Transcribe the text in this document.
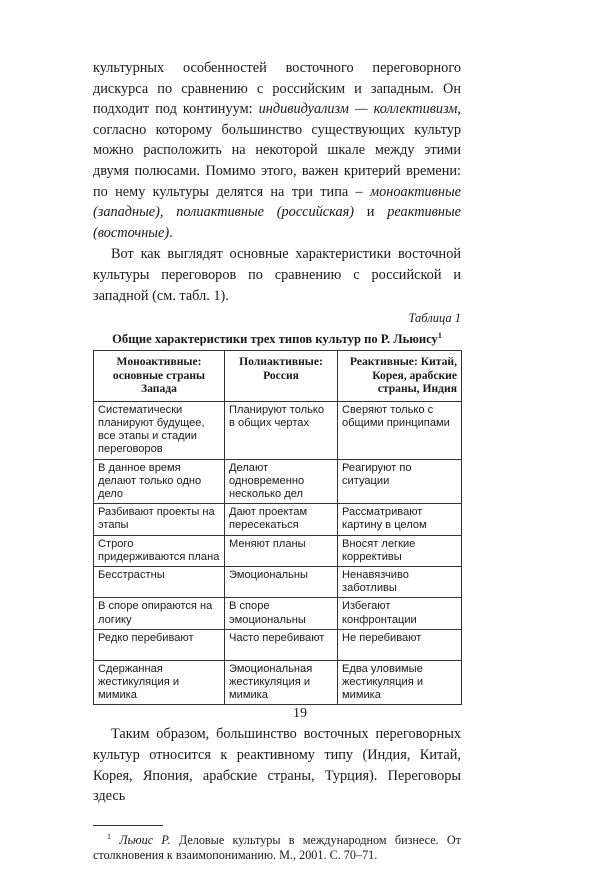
культурных особенностей восточного переговорного дискурса по сравнению с российским и западным. Он подходит под континуум: индивидуализм — коллективизм, согласно которому большинство существующих культур можно расположить на некоторой шкале между этими двумя полюсами. Помимо этого, важен критерий времени: по нему культуры делятся на три типа – моноактивные (западные), полиактивные (российская) и реактивные (восточные).

Вот как выглядят основные характеристики восточной культуры переговоров по сравнению с российской и западной (см. табл. 1).

Таблица 1
Общие характеристики трех типов культур по Р. Льюису$^1$
Моноактивные: основные страны Запада	Полиактивные: Россия	Реактивные: Китай, Корея, арабские страны, Индия
Систематически планируют будущее, все этапы и стадии переговоров	Планируют только в общих чертах	Сверяют только с общими принципами
В данное время делают только одно дело	Делают одновременно несколько дел	Реагируют по ситуации
Разбивают проекты на этапы	Дают проектам пересекаться	Рассматривают картину в целом
Строго придерживаются плана	Меняют планы	Вносят легкие коррективы
Бесстрастны	Эмоциональны	Ненавязчиво заботливы
В споре опираются на логику	В споре эмоциональны	Избегают конфронтации
Редко перебивают	Часто перебивают	Не перебивают
Сдержанная жестикуляция и мимика	Эмоциональная жестикуляция и мимика	Едва уловимые жестикуляция и мимика

Таким образом, большинство восточных переговорных культур относится к реактивному типу (Индия, Китай, Корея, Япония, арабские страны, Турция). Переговоры здесь

$^1$ Льюис Р. Деловые культуры в международном бизнесе. От столкновения к взаимопониманию. М., 2001. С. 70–71.

19
